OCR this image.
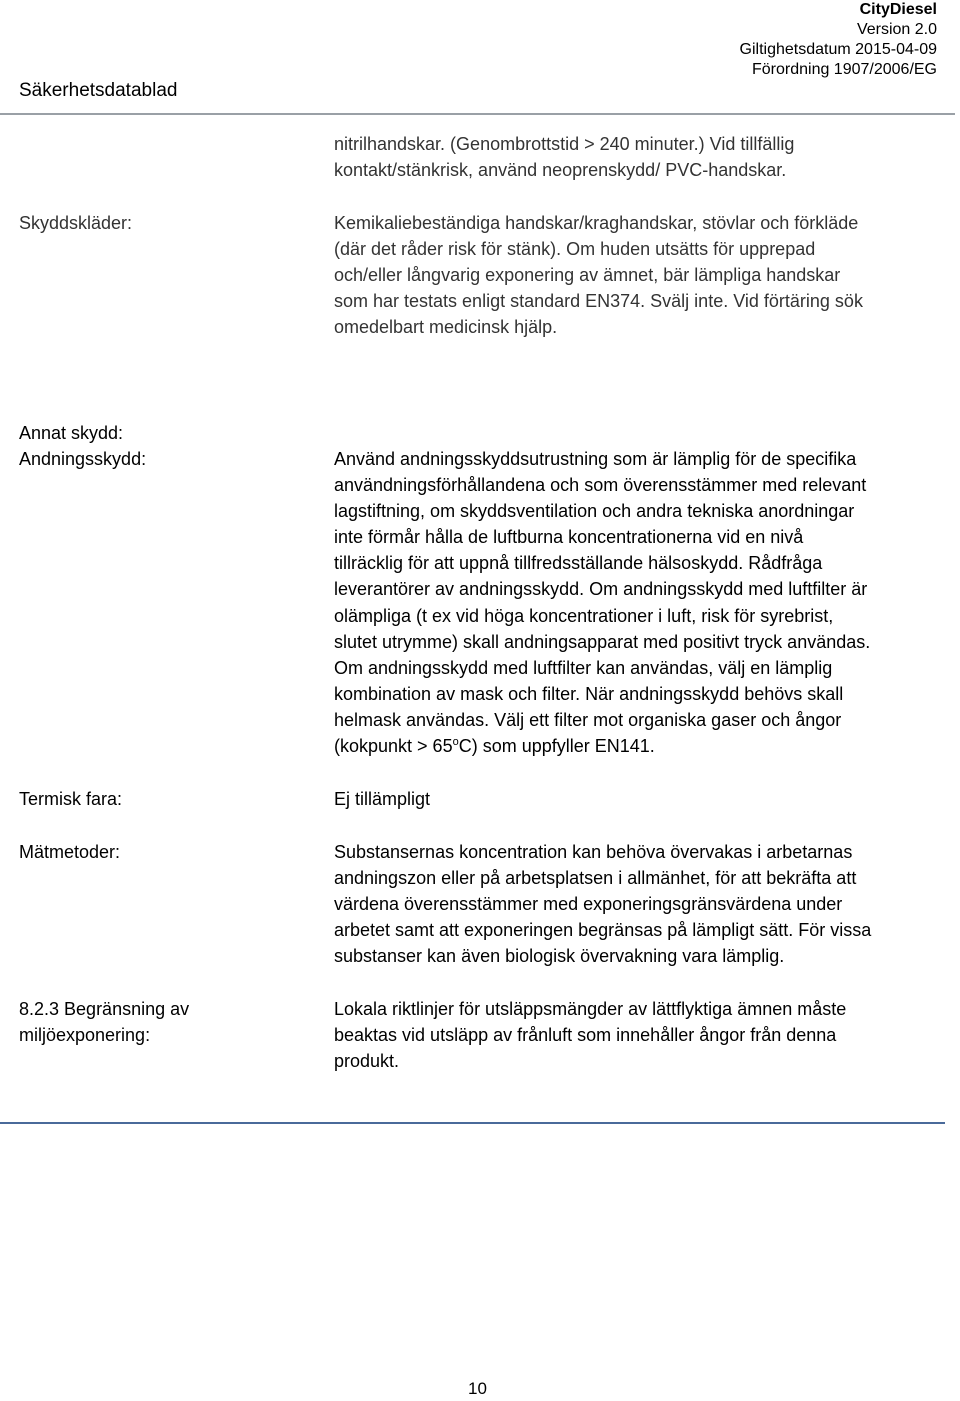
Säkerhetsdatablad
CityDiesel
Version 2.0
Giltighetsdatum 2015-04-09
Förordning 1907/2006/EG
nitrilhandskar. (Genombrottstid > 240 minuter.) Vid tillfällig
kontakt/stänkrisk, använd neoprenskydd/ PVC-handskar.
Skyddskläder:	Kemikaliebeständiga handskar/kraghandskar, stövlar och förkläde
(där det råder risk för stänk). Om huden utsätts för upprepad
och/eller långvarig exponering av ämnet, bär lämpliga handskar
som har testats enligt standard EN374. Svälj inte. Vid förtäring sök
omedelbart medicinsk hjälp.
Annat skydd:
Andningsskydd:	Använd andningsskyddsutrustning som är lämplig för de specifika
användningsförhållandena och som överensstämmer med relevant
lagstiftning, om skyddsventilation och andra tekniska anordningar
inte förmår hålla de luftburna koncentrationerna vid en nivå
tillräcklig för att uppnå tillfredsställande hälsoskydd. Rådfråga
leverantörer av andningsskydd. Om andningsskydd med luftfilter är
olämpliga (t ex vid höga koncentrationer i luft, risk för syrebrist,
slutet utrymme) skall andningsapparat med positivt tryck användas.
Om andningsskydd med luftfilter kan användas, välj en lämplig
kombination av mask och filter. När andningsskydd behövs skall
helmask användas. Välj ett filter mot organiska gaser och ångor
(kokpunkt > $65^oC$) som uppfyller EN141.
Termisk fara:	Ej tillämpligt
Mätmetoder:	Substansernas koncentration kan behöva övervakas i arbetarnas
andningszon eller på arbetsplatsen i allmänhet, för att bekräfta att
värdena överensstämmer med exponeringsgränsvärdena under
arbetet samt att exponeringen begränsas på lämpligt sätt. För vissa
substanser kan även biologisk övervakning vara lämplig.
8.2.3 Begränsning av
miljöexponering:
Lokala riktlinjer för utsläppsmängder av lättflyktiga ämnen måste
beaktas vid utsläpp av frånluft som innehåller ångor från denna
produkt.
10
